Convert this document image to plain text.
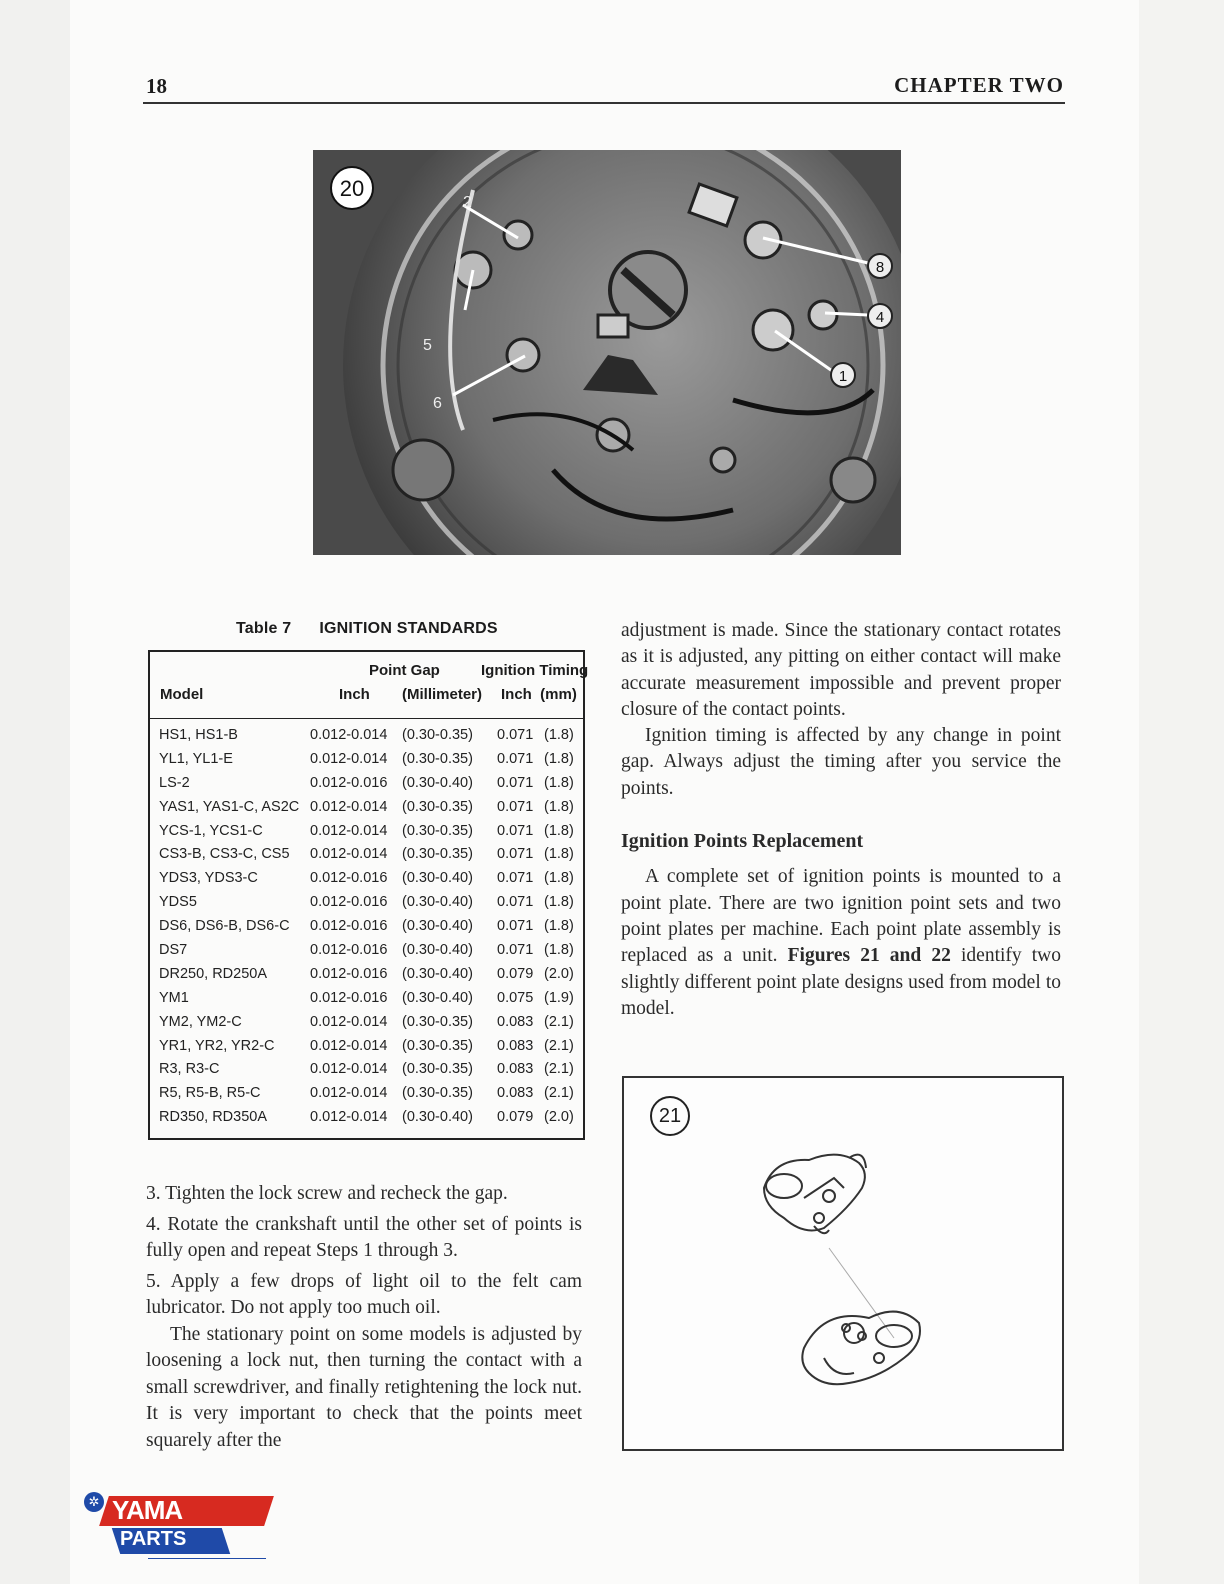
18	CHAPTER TWO
20
2
5
6
8
4
1
Table 7 IGNITION STANDARDS
Point Gap	Ignition Timing
Model	Inch (Millimeter) Inch  (mm)
HS1, HS1-B	0.012-0.014 (0.30-0.35) 0.071 (1.8)
YL1, YL1-E	0.012-0.014 (0.30-0.35) 0.071 (1.8)
LS-2	0.012-0.016 (0.30-0.40) 0.071 (1.8)
YAS1, YAS1-C, AS2C 0.012-0.014 (0.30-0.35) 0.071 (1.8)
YCS-1, YCS1-C	0.012-0.014 (0.30-0.35) 0.071 (1.8)
CS3-B, CS3-C, CS5 0.012-0.014 (0.30-0.35) 0.071 (1.8)
YDS3, YDS3-C	0.012-0.016 (0.30-0.40) 0.071 (1.8)
YDS5	0.012-0.016 (0.30-0.40) 0.071 (1.8)
DS6, DS6-B, DS6-C 0.012-0.016 (0.30-0.40) 0.071 (1.8)
DS7	0.012-0.016 (0.30-0.40) 0.071 (1.8)
DR250, RD250A	0.012-0.016 (0.30-0.40) 0.079 (2.0)
YM1	0.012-0.016 (0.30-0.40) 0.075 (1.9)
YM2, YM2-C	0.012-0.014 (0.30-0.35) 0.083 (2.1)
YR1, YR2, YR2-C 0.012-0.014 (0.30-0.35) 0.083 (2.1)
R3, R3-C	0.012-0.014 (0.30-0.35) 0.083 (2.1)
R5, R5-B, R5-C	0.012-0.014 (0.30-0.35) 0.083 (2.1)
RD350, RD350A	0.012-0.014 (0.30-0.40) 0.079 (2.0)

3. Tighten the lock screw and recheck the gap.

4. Rotate the crankshaft until the other set of points is fully open and repeat Steps 1 through 3.

5. Apply a few drops of light oil to the felt cam lubricator. Do not apply too much oil.

The stationary point on some models is adjusted by loosening a lock nut, then turning the contact with a small screwdriver, and finally retightening the lock nut. It is very important to check that the points meet squarely after the

adjustment is made. Since the stationary contact rotates as it is adjusted, any pitting on either contact will make accurate measurement impossible and prevent proper closure of the contact points.

Ignition timing is affected by any change in point gap. Always adjust the timing after you service the points.

Ignition Points Replacement

A complete set of ignition points is mounted to a point plate. There are two ignition point sets and two point plates per machine. Each point plate assembly is replaced as a unit. Figures 21 and 22 identify two slightly different point plate designs used from model to model.

21
YAMA
PARTS
✲
